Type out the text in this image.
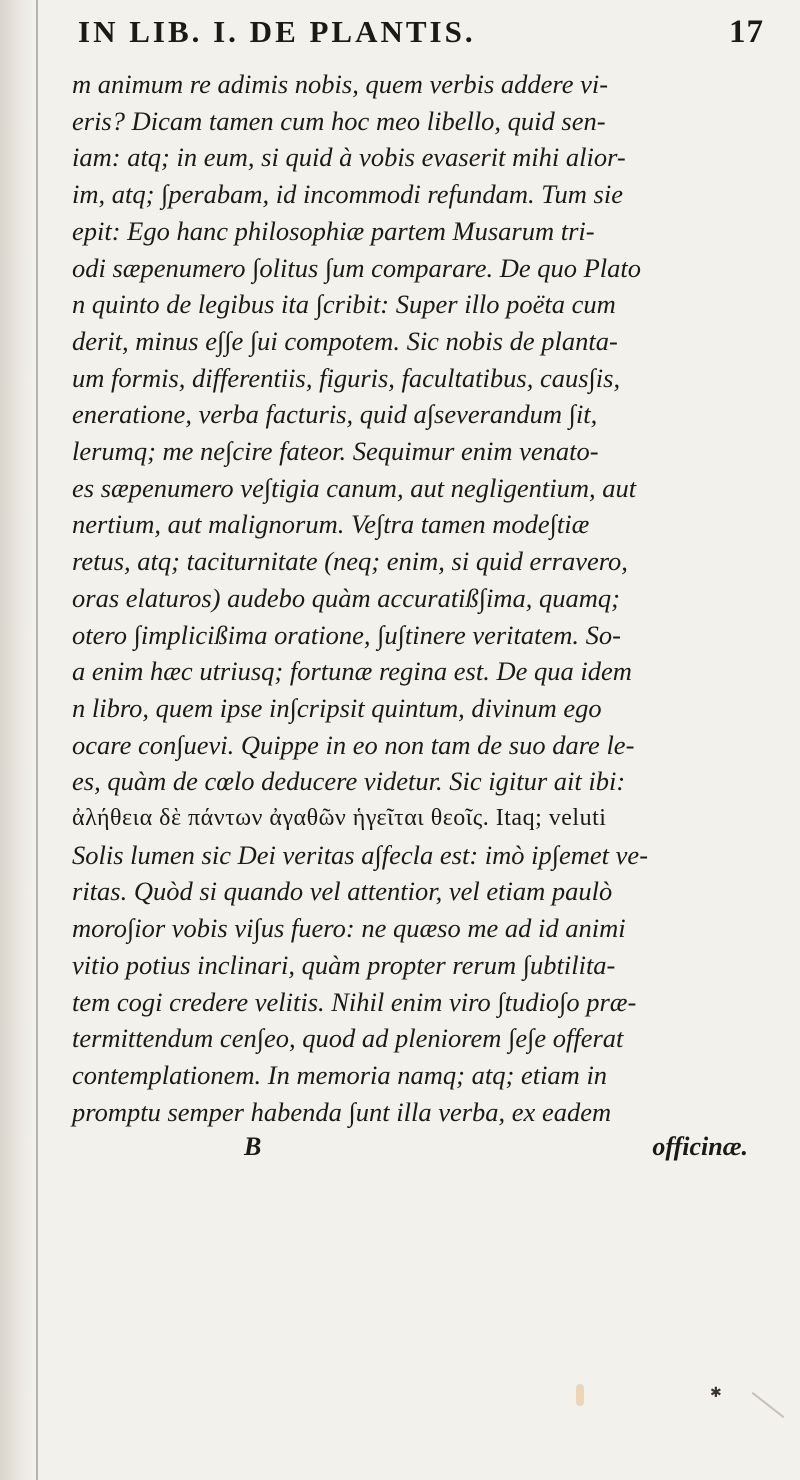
IN LIB. I. DE PLANTIS.	17
m animum re adimis nobis, quem verbis addere vi-
eris? Dicam tamen cum hoc meo libello, quid sen-
iam: atq; in eum, si quid à vobis evaserit mihi alior-
im, atq; ∫perabam, id incommodi refundam. Tum sie
epit: Ego hanc philosophiæ partem Musarum tri-
odi sæpenumero ∫olitus ∫um comparare. De quo Plato
n quinto de legibus ita ∫cribit: Super illo poëta cum
derit, minus e∫∫e ∫ui compotem. Sic nobis de planta-
um formis, differentiis, figuris, facultatibus, caus∫is,
eneratione, verba facturis, quid a∫severandum ∫it,
lerumq; me ne∫cire fateor. Sequimur enim venato-
es sæpenumero ve∫tigia canum, aut negligentium, aut
nertium, aut malignorum. Ve∫tra tamen mode∫tiæ
retus, atq; taciturnitate (neq; enim, si quid erravero,
oras elaturos) audebo quàm accuratiß∫ima, quamq;
otero ∫implicißima oratione, ∫u∫tinere veritatem. So-
a enim hæc utriusq; fortunæ regina est. De qua idem
n libro, quem ipse in∫cripsit quintum, divinum ego
ocare con∫uevi. Quippe in eo non tam de suo dare le-
es, quàm de cœlo deducere videtur. Sic igitur ait ibi:
ἀλήθεια δὲ πάντων ἀγαθῶν ἡγεῖται θεοῖς. Itaq; veluti
Solis lumen sic Dei veritas a∫fecla est: imò ip∫emet ve-
ritas. Quòd si quando vel attentior, vel etiam paulò
moro∫ior vobis vi∫us fuero: ne quæso me ad id animi
vitio potius inclinari, quàm propter rerum ∫ubtilita-
tem cogi credere velitis. Nihil enim viro ∫tudio∫o præ-
termittendum cen∫eo, quod ad pleniorem ∫e∫e offerat
contemplationem. In memoria namq; atq; etiam in
promptu semper habenda ∫unt illa verba, ex eadem
B	officinæ.
✱
